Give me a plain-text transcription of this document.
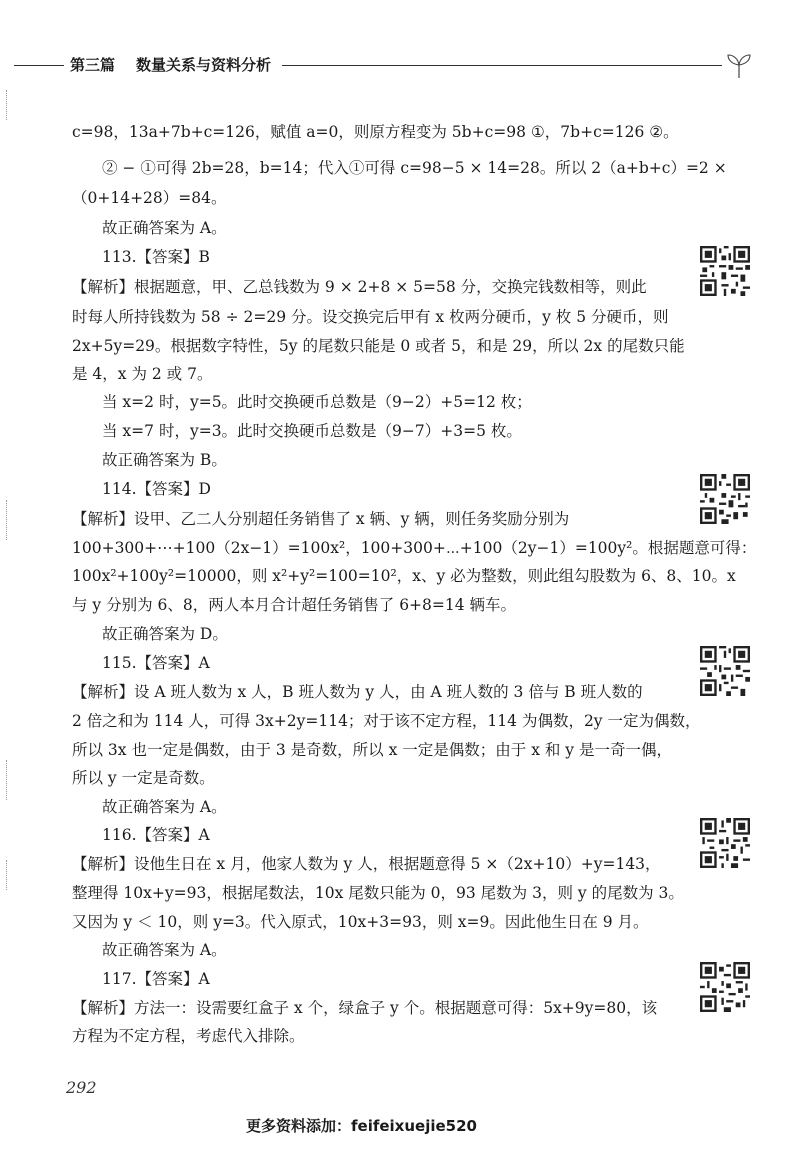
第三篇 数量关系与资料分析
c=98，13a+7b+c=126，赋值 a=0，则原方程变为 5b+c=98 ①，7b+c=126 ②。
② − ①可得 2b=28，b=14；代入①可得 c=98−5 × 14=28。所以 2（a+b+c）=2 ×
（0+14+28）=84。
故正确答案为 A。
113.【答案】B
【解析】根据题意，甲、乙总钱数为 9 × 2+8 × 5=58 分，交换完钱数相等，则此
时每人所持钱数为 58 ÷ 2=29 分。设交换完后甲有 x 枚两分硬币，y 枚 5 分硬币，则
2x+5y=29。根据数字特性，5y 的尾数只能是 0 或者 5，和是 29，所以 2x 的尾数只能
是 4，x 为 2 或 7。
当 x=2 时，y=5。此时交换硬币总数是（9−2）+5=12 枚；
当 x=7 时，y=3。此时交换硬币总数是（9−7）+3=5 枚。
故正确答案为 B。
114.【答案】D
【解析】设甲、乙二人分别超任务销售了 x 辆、y 辆，则任务奖励分别为
100+300+⋯+100（2x−1）=100x²，100+300+⋯+100（2y−1）=100y²。根据题意可得：
100x²+100y²=10000，则 x²+y²=100=10²，x、y 必为整数，则此组勾股数为 6、8、10。x
与 y 分别为 6、8，两人本月合计超任务销售了 6+8=14 辆车。
故正确答案为 D。
115.【答案】A
【解析】设 A 班人数为 x 人，B 班人数为 y 人，由 A 班人数的 3 倍与 B 班人数的
2 倍之和为 114 人，可得 3x+2y=114；对于该不定方程，114 为偶数，2y 一定为偶数，
所以 3x 也一定是偶数，由于 3 是奇数，所以 x 一定是偶数；由于 x 和 y 是一奇一偶，
所以 y 一定是奇数。
故正确答案为 A。
116.【答案】A
【解析】设他生日在 x 月，他家人数为 y 人，根据题意得 5 ×（2x+10）+y=143，
整理得 10x+y=93，根据尾数法，10x 尾数只能为 0，93 尾数为 3，则 y 的尾数为 3。
又因为 y ＜ 10，则 y=3。代入原式，10x+3=93，则 x=9。因此他生日在 9 月。
故正确答案为 A。
117.【答案】A
【解析】方法一：设需要红盒子 x 个，绿盒子 y 个。根据题意可得：5x+9y=80，该
方程为不定方程，考虑代入排除。
292
更多资料添加：feifeixuejie520
